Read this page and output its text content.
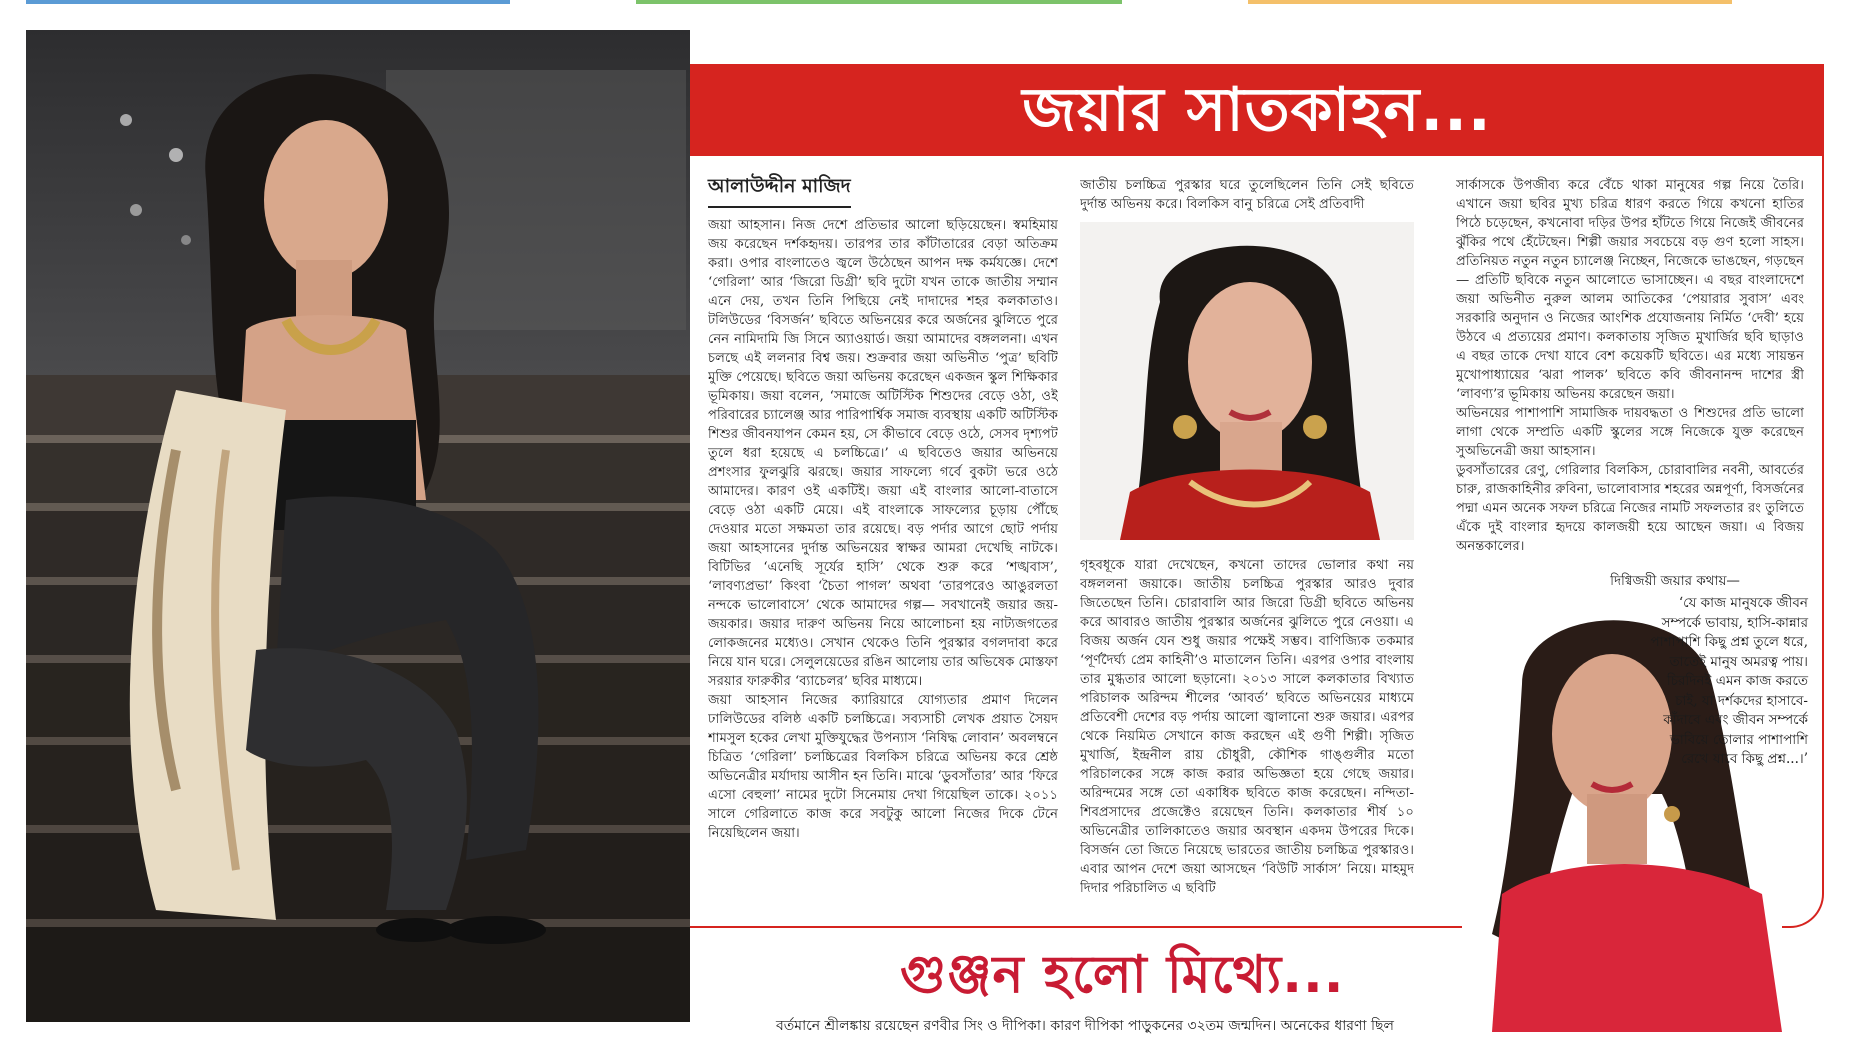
জয়ার সাতকাহন...
আলাউদ্দীন মাজিদ

জয়া আহসান। নিজ দেশে প্রতিভার আলো ছড়িয়েছেন। স্বমহিমায় জয় করেছেন দর্শকহৃদয়। তারপর তার কাঁটাতারের বেড়া অতিক্রম করা। ওপার বাংলাতেও জ্বলে উঠেছেন আপন দক্ষ কর্মযজ্ঞে। দেশে ‘গেরিলা’ আর ‘জিরো ডিগ্রী’ ছবি দুটো যখন তাকে জাতীয় সম্মান এনে দেয়, তখন তিনি পিছিয়ে নেই দাদাদের শহর কলকাতাও। টলিউডের ‘বিসর্জন’ ছবিতে অভিনয়ের করে অর্জনের ঝুলিতে পুরে নেন নামিদামি জি সিনে অ্যাওয়ার্ড। জয়া আমাদের বঙ্গললনা। এখন চলছে এই ললনার বিশ্ব জয়। শুক্রবার জয়া অভিনীত ‘পুত্র’ ছবিটি মুক্তি পেয়েছে। ছবিতে জয়া অভিনয় করেছেন একজন স্কুল শিক্ষিকার ভূমিকায়। জয়া বলেন, ‘সমাজে অটিস্টিক শিশুদের বেড়ে ওঠা, ওই পরিবারের চ্যালেঞ্জ আর পারিপার্শ্বিক সমাজ ব্যবস্থায় একটি অটিস্টিক শিশুর জীবনযাপন কেমন হয়, সে কীভাবে বেড়ে ওঠে, সেসব দৃশ্যপট তুলে ধরা হয়েছে এ চলচ্চিত্রে।’ এ ছবিতেও জয়ার অভিনয়ে প্রশংসার ফুলঝুরি ঝরছে। জয়ার সাফল্যে গর্বে বুকটা ভরে ওঠে আমাদের। কারণ ওই একটিই। জয়া এই বাংলার আলো-বাতাসে বেড়ে ওঠা একটি মেয়ে। এই বাংলাকে সাফল্যের চূড়ায় পৌঁছে দেওয়ার মতো সক্ষমতা তার রয়েছে। বড় পর্দার আগে ছোট পর্দায় জয়া আহসানের দুর্দান্ত অভিনয়ের স্বাক্ষর আমরা দেখেছি নাটকে। বিটিভির ‘এনেছি সূর্যের হাসি’ থেকে শুরু করে ‘শঙ্খবাস’, ‘লাবণ্যপ্রভা’ কিংবা ‘চৈতা পাগল’ অথবা ‘তারপরেও আঙুরলতা নন্দকে ভালোবাসে’ থেকে আমাদের গল্প— সবখানেই জয়ার জয়-জয়কার। জয়ার দারুণ অভিনয় নিয়ে আলোচনা হয় নাট্যজগতের লোকজনের মধ্যেও। সেখান থেকেও তিনি পুরস্কার বগলদাবা করে নিয়ে যান ঘরে। সেলুলয়েডের রঙিন আলোয় তার অভিষেক মোস্তফা সরয়ার ফারুকীর ‘ব্যাচেলর’ ছবির মাধ্যমে।

জয়া আহসান নিজের ক্যারিয়ারে যোগ্যতার প্রমাণ দিলেন ঢালিউডের বলিষ্ঠ একটি চলচ্চিত্রে। সব্যসাচী লেখক প্রয়াত সৈয়দ শামসুল হকের লেখা মুক্তিযুদ্ধের উপন্যাস ‘নিষিদ্ধ লোবান’ অবলম্বনে চিত্রিত ‘গেরিলা’ চলচ্চিত্রের বিলকিস চরিত্রে অভিনয় করে শ্রেষ্ঠ অভিনেত্রীর মর্যাদায় আসীন হন তিনি। মাঝে ‘ডুবসাঁতার’ আর ‘ফিরে এসো বেহুলা’ নামের দুটো সিনেমায় দেখা গিয়েছিল তাকে। ২০১১ সালে গেরিলাতে কাজ করে সবটুকু আলো নিজের দিকে টেনে নিয়েছিলেন জয়া।

জাতীয় চলচ্চিত্র পুরস্কার ঘরে তুলেছিলেন তিনি সেই ছবিতে দুর্দান্ত অভিনয় করে। বিলকিস বানু চরিত্রে সেই প্রতিবাদী
গৃহবধূকে যারা দেখেছেন, কখনো তাদের ভোলার কথা নয় বঙ্গললনা জয়াকে। জাতীয় চলচ্চিত্র পুরস্কার আরও দুবার জিতেছেন তিনি। চোরাবালি আর জিরো ডিগ্রী ছবিতে অভিনয় করে আবারও জাতীয় পুরস্কার অর্জনের ঝুলিতে পুরে নেওয়া। এ বিজয় অর্জন যেন শুধু জয়ার পক্ষেই সম্ভব। বাণিজ্যিক তকমার ‘পূর্ণদৈর্ঘ্য প্রেম কাহিনী’ও মাতালেন তিনি। এরপর ওপার বাংলায় তার মুগ্ধতার আলো ছড়ানো। ২০১৩ সালে কলকাতার বিখ্যাত পরিচালক অরিন্দম শীলের ‘আবর্ত’ ছবিতে অভিনয়ের মাধ্যমে প্রতিবেশী দেশের বড় পর্দায় আলো জ্বালানো শুরু জয়ার। এরপর থেকে নিয়মিত সেখানে কাজ করছেন এই গুণী শিল্পী। সৃজিত মুখার্জি, ইন্দ্রনীল রায় চৌধুরী, কৌশিক গাঙ্গুলীর মতো পরিচালকের সঙ্গে কাজ করার অভিজ্ঞতা হয়ে গেছে জয়ার। অরিন্দমের সঙ্গে তো একাধিক ছবিতে কাজ করেছেন। নন্দিতা-শিবপ্রসাদের প্রজেক্টেও রয়েছেন তিনি। কলকাতার শীর্ষ ১০ অভিনেত্রীর তালিকাতেও জয়ার অবস্থান একদম উপরের দিকে। বিসর্জন তো জিতে নিয়েছে ভারতের জাতীয় চলচ্চিত্র পুরস্কারও। এবার আপন দেশে জয়া আসছেন ‘বিউটি সার্কাস’ নিয়ে। মাহমুদ দিদার পরিচালিত এ ছবিটি

সার্কাসকে উপজীব্য করে বেঁচে থাকা মানুষের গল্প নিয়ে তৈরি। এখানে জয়া ছবির মুখ্য চরিত্র ধারণ করতে গিয়ে কখনো হাতির পিঠে চড়েছেন, কখনোবা দড়ির উপর হাঁটতে গিয়ে নিজেই জীবনের ঝুঁকির পথে হেঁটেছেন। শিল্পী জয়ার সবচেয়ে বড় গুণ হলো সাহস। প্রতিনিয়ত নতুন নতুন চ্যালেঞ্জ নিচ্ছেন, নিজেকে ভাঙছেন, গড়ছেন— প্রতিটি ছবিকে নতুন আলোতে ভাসাচ্ছেন। এ বছর বাংলাদেশে জয়া অভিনীত নুরুল আলম আতিকের ‘পেয়ারার সুবাস’ এবং সরকারি অনুদান ও নিজের আংশিক প্রযোজনায় নির্মিত ‘দেবী’ হয়ে উঠবে এ প্রত্যয়ের প্রমাণ। কলকাতায় সৃজিত মুখার্জির ছবি ছাড়াও এ বছর তাকে দেখা যাবে বেশ কয়েকটি ছবিতে। এর মধ্যে সায়ন্তন মুখোপাধ্যায়ের ‘ঝরা পালক’ ছবিতে কবি জীবনানন্দ দাশের স্ত্রী ‘লাবণ্য’র ভূমিকায় অভিনয় করেছেন জয়া।

অভিনয়ের পাশাপাশি সামাজিক দায়বদ্ধতা ও শিশুদের প্রতি ভালো লাগা থেকে সম্প্রতি একটি স্কুলের সঙ্গে নিজেকে যুক্ত করেছেন সুঅভিনেত্রী জয়া আহসান।

ডুবসাঁতারের রেণু, গেরিলার বিলকিস, চোরাবালির নবনী, আবর্তের চারু, রাজকাহিনীর রুবিনা, ভালোবাসার শহরের অন্নপূর্ণা, বিসর্জনের পদ্মা এমন অনেক সফল চরিত্রে নিজের নামটি সফলতার রং তুলিতে এঁকে দুই বাংলার হৃদয়ে কালজয়ী হয়ে আছেন জয়া। এ বিজয় অনন্তকালের।

দিগ্বিজয়ী জয়ার কথায়—
‘যে কাজ মানুষকে জীবন সম্পর্কে ভাবায়, হাসি-কান্নার পাশাপাশি কিছু প্রশ্ন তুলে ধরে, তাতেই মানুষ অমরত্ব পায়। চিরদিনই এমন কাজ করতে চাই, যা দর্শকদের হাসাবে-কাঁদাবে এবং জীবন সম্পর্কে ভাবিয়ে তোলার পাশাপাশি রেখে যাবে কিছু প্রশ্ন...।’
গুঞ্জন হলো মিথ্যে...
বর্তমানে শ্রীলঙ্কায় রয়েছেন রণবীর সিং ও দীপিকা। কারণ দীপিকা পাড়ুকনের ৩২তম জন্মদিন। অনেকের ধারণা ছিল
